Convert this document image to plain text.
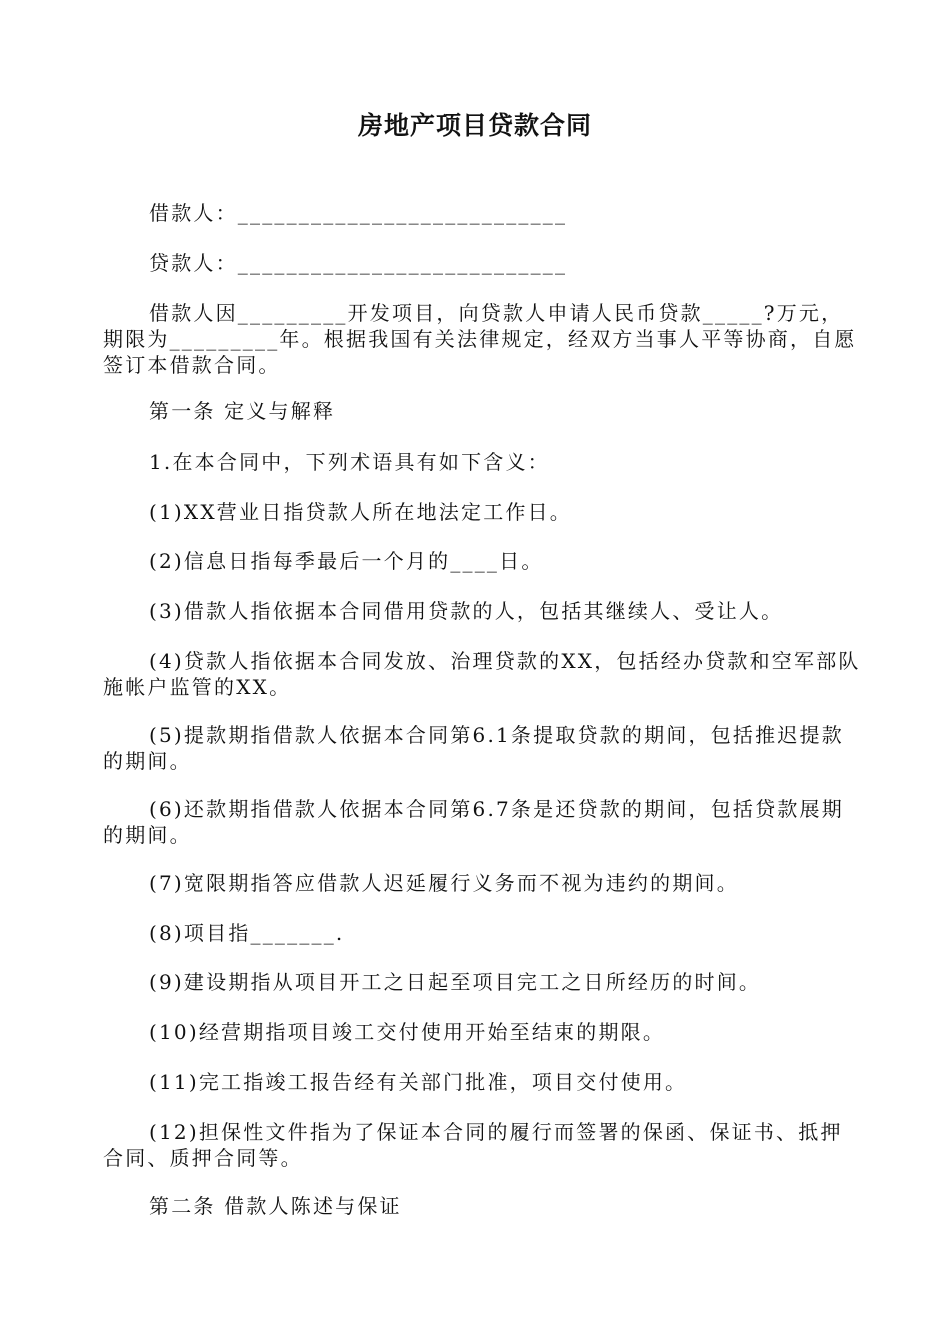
房地产项目贷款合同
借款人：___________________________
贷款人：___________________________
借款人因_________开发项目，向贷款人申请人民币贷款_____?万元，期限为_________年。根据我国有关法律规定，经双方当事人平等协商，自愿签订本借款合同。
第一条 定义与解释
1.在本合同中，下列术语具有如下含义：
(1)XX营业日指贷款人所在地法定工作日。
(2)信息日指每季最后一个月的____日。
(3)借款人指依据本合同借用贷款的人，包括其继续人、受让人。
(4)贷款人指依据本合同发放、治理贷款的XX，包括经办贷款和空军部队施帐户监管的XX。
(5)提款期指借款人依据本合同第6.1条提取贷款的期间，包括推迟提款的期间。
(6)还款期指借款人依据本合同第6.7条是还贷款的期间，包括贷款展期的期间。
(7)宽限期指答应借款人迟延履行义务而不视为违约的期间。
(8)项目指_______.
(9)建设期指从项目开工之日起至项目完工之日所经历的时间。
(10)经营期指项目竣工交付使用开始至结束的期限。
(11)完工指竣工报告经有关部门批准，项目交付使用。
(12)担保性文件指为了保证本合同的履行而签署的保函、保证书、抵押合同、质押合同等。
第二条 借款人陈述与保证
